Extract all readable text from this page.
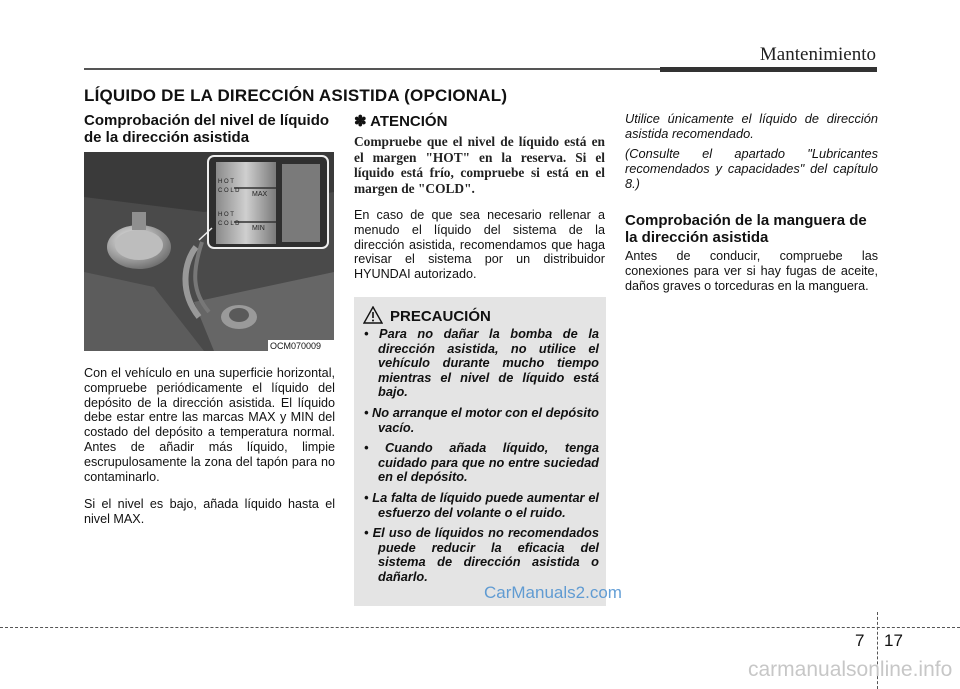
Mantenimiento
LÍQUIDO DE LA DIRECCIÓN ASISTIDA (OPCIONAL)
Comprobación del nivel de líquido de la dirección asistida
H O T
C O L D MAX
H O T
C O L D
MIN
OCM070009
Con el vehículo en una superficie horizontal, compruebe periódicamente el líquido del depósito de la dirección asistida. El líquido debe estar entre las marcas MAX y MIN del costado del depósito a temperatura normal. Antes de añadir más líquido, limpie escrupulosamente la zona del tapón para no contaminarlo.
Si el nivel es bajo, añada líquido hasta el nivel MAX.
✽ ATENCIÓN
Compruebe que el nivel de líquido está en el margen "HOT" en la reserva. Si el líquido está frío, compruebe si está en el margen de "COLD".
En caso de que sea necesario rellenar a menudo el líquido del sistema de la dirección asistida, recomendamos que haga revisar el sistema por un distribuidor HYUNDAI autorizado.
PRECAUCIÓN
• Para no dañar la bomba de la dirección asistida, no utilice el vehículo durante mucho tiempo mientras el nivel de líquido está bajo.
• No arranque el motor con el depósito vacío.
• Cuando añada líquido, tenga cuidado para que no entre suciedad en el depósito.
• La falta de líquido puede aumentar el esfuerzo del volante o el ruido.
• El uso de líquidos no recomendados puede reducir la eficacia del sistema de dirección asistida o dañarlo.
Utilice únicamente el líquido de dirección asistida recomendado.
(Consulte el apartado "Lubricantes recomendados y capacidades" del capítulo 8.)
Comprobación de la manguera de la dirección asistida
Antes de conducir, compruebe las conexiones para ver si hay fugas de aceite, daños graves o torceduras en la manguera.
7 17
CarManuals2.com
carmanualsonline.info
